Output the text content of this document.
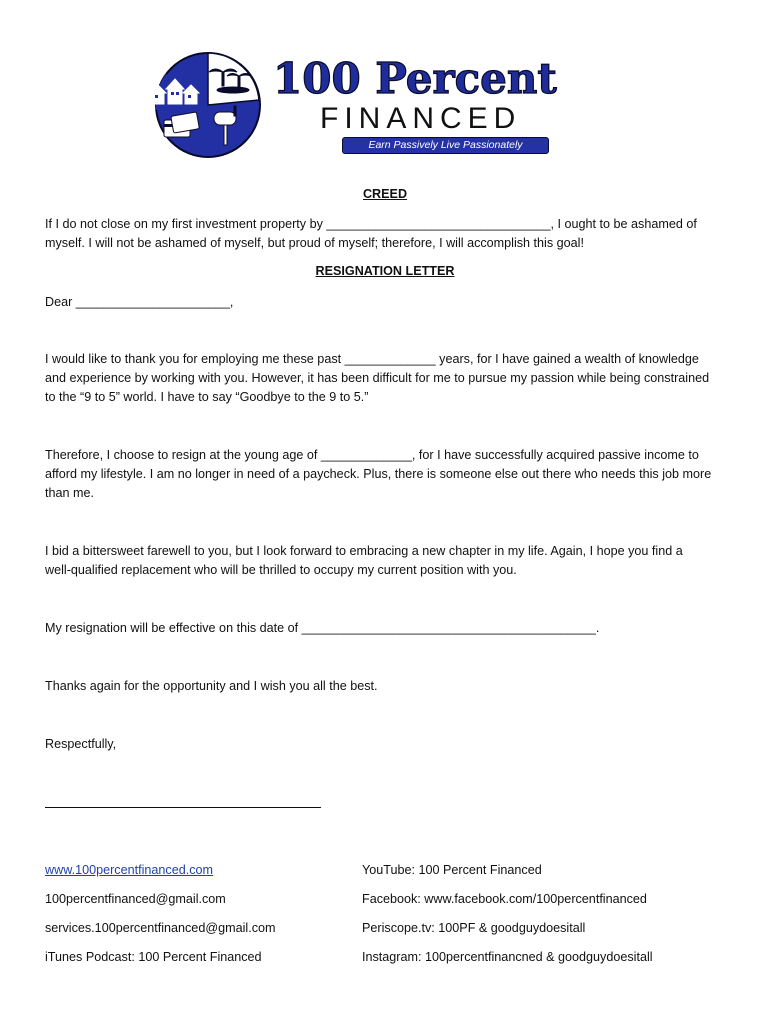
100 Percent
FINANCED
Earn Passively Live Passionately
CREED
If I do not close on my first investment property by ________________________________, I ought to be ashamed of
myself. I will not be ashamed of myself, but proud of myself; therefore, I will accomplish this goal!
RESIGNATION LETTER
Dear ______________________,
I would like to thank you for employing me these past _____________ years, for I have gained a wealth of knowledge
and experience by working with you. However, it has been difficult for me to pursue my passion while being constrained
to the “9 to 5” world. I have to say “Goodbye to the 9 to 5.”
Therefore, I choose to resign at the young age of _____________, for I have successfully acquired passive income to
afford my lifestyle. I am no longer in need of a paycheck. Plus, there is someone else out there who needs this job more
than me.
I bid a bittersweet farewell to you, but I look forward to embracing a new chapter in my life. Again, I hope you find a
well-qualified replacement who will be thrilled to occupy my current position with you.
My resignation will be effective on this date of __________________________________________.
Thanks again for the opportunity and I wish you all the best.
Respectfully,
www.100percentfinanced.com
100percentfinanced@gmail.com
services.100percentfinanced@gmail.com
iTunes Podcast: 100 Percent Financed
YouTube: 100 Percent Financed
Facebook: www.facebook.com/100percentfinanced
Periscope.tv: 100PF & goodguydoesitall
Instagram: 100percentfinancned & goodguydoesitall
